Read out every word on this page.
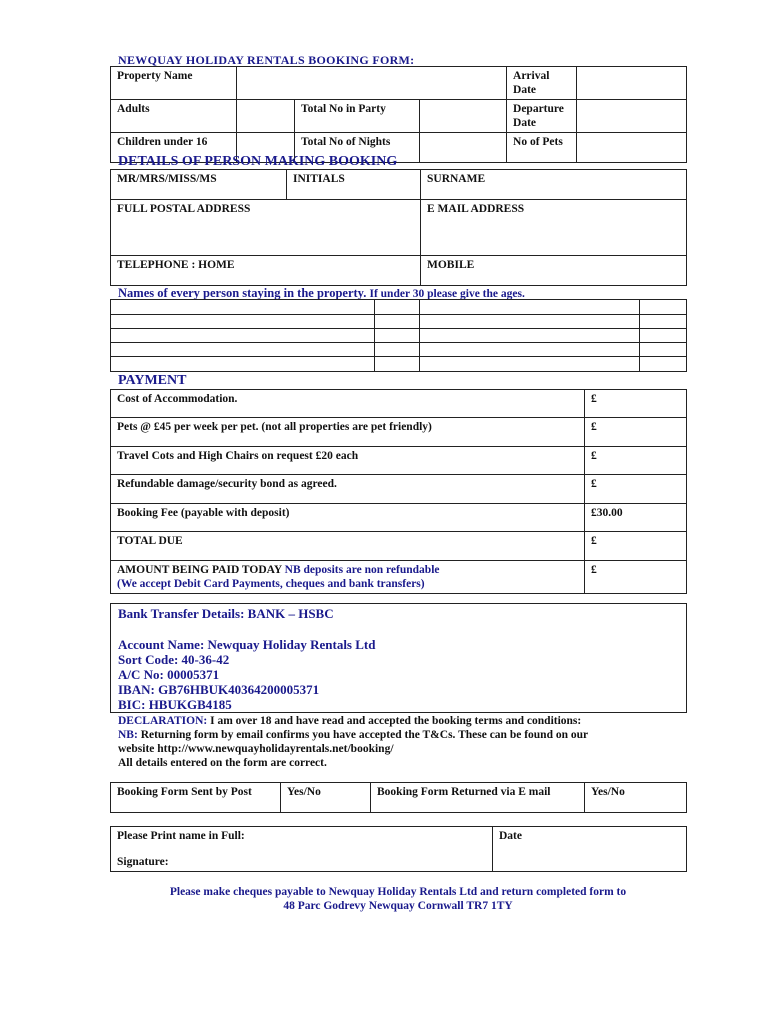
NEWQUAY HOLIDAY RENTALS BOOKING FORM:
Property Name				Arrival Date	
Adults		Total No in Party		Departure Date	
Children under 16		Total No of Nights		No of Pets	
DETAILS OF PERSON MAKING BOOKING
MR/MRS/MISS/MS	INITIALS	SURNAME
FULL POSTAL ADDRESS		E MAIL ADDRESS
TELEPHONE : HOME		MOBILE
Names of every person staying in the property. If under 30 please give the ages.

PAYMENT
Cost of Accommodation.	£
Pets @ £45 per week per pet. (not all properties are pet friendly)	£
Travel Cots and High Chairs on request £20 each	£
Refundable damage/security bond as agreed.	£
Booking Fee (payable with deposit)	£30.00
TOTAL DUE	£
AMOUNT BEING PAID TODAY NB deposits are non refundable
(We accept Debit Card Payments, cheques and bank transfers)	£
Bank Transfer Details: BANK – HSBC
Account Name: Newquay Holiday Rentals Ltd
Sort Code: 40-36-42
A/C No: 00005371
IBAN: GB76HBUK40364200005371
BIC: HBUKGB4185
DECLARATION: I am over 18 and have read and accepted the booking terms and conditions:
NB: Returning form by email confirms you have accepted the T&Cs. These can be found on our
website http://www.newquayholidayrentals.net/booking/
All details entered on the form are correct.
Booking Form Sent by Post	Yes/No	Booking Form Returned via E mail	Yes/No
Please Print name in Full:
Signature:
	Date
Please make cheques payable to Newquay Holiday Rentals Ltd and return completed form to
48 Parc Godrevy Newquay Cornwall TR7 1TY
